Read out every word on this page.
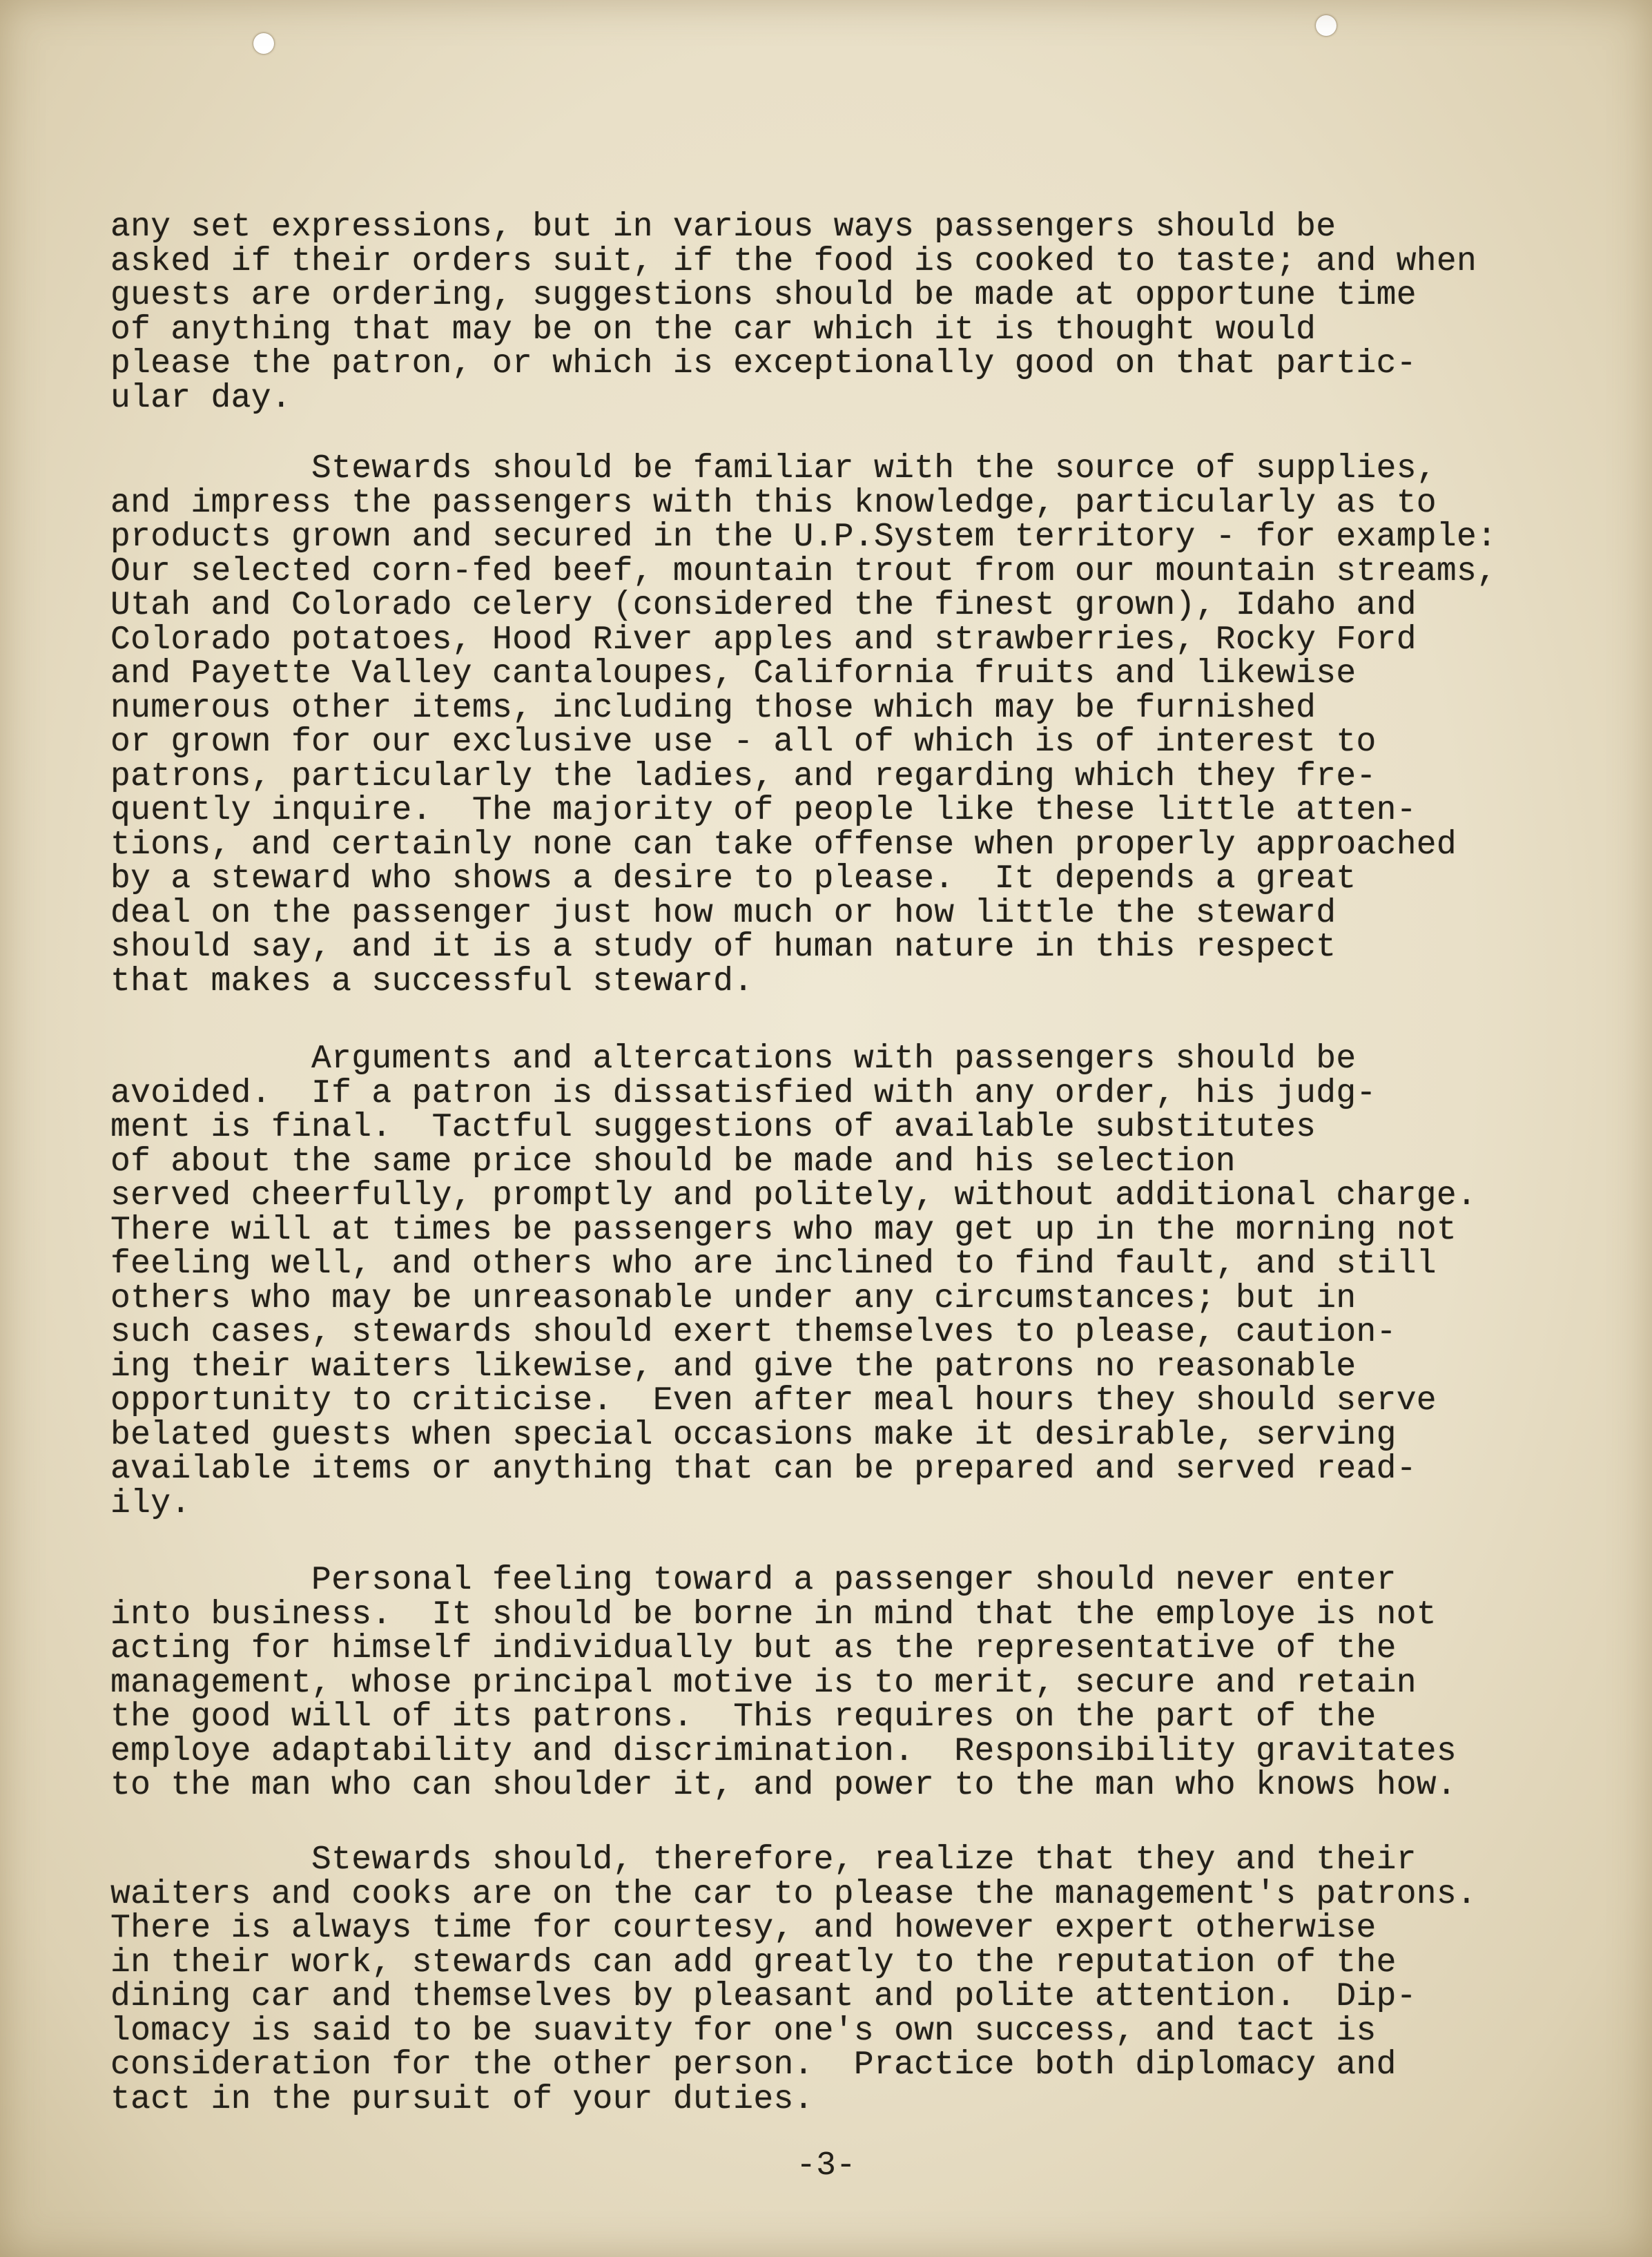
any set expressions, but in various ways passengers should be
asked if their orders suit, if the food is cooked to taste; and when
guests are ordering, suggestions should be made at opportune time
of anything that may be on the car which it is thought would
please the patron, or which is exceptionally good on that partic-
ular day.
Stewards should be familiar with the source of supplies,
and impress the passengers with this knowledge, particularly as to
products grown and secured in the U.P.System territory - for example:
Our selected corn-fed beef, mountain trout from our mountain streams,
Utah and Colorado celery (considered the finest grown), Idaho and
Colorado potatoes, Hood River apples and strawberries, Rocky Ford
and Payette Valley cantaloupes, California fruits and likewise
numerous other items, including those which may be furnished
or grown for our exclusive use - all of which is of interest to
patrons, particularly the ladies, and regarding which they fre-
quently inquire.  The majority of people like these little atten-
tions, and certainly none can take offense when properly approached
by a steward who shows a desire to please.  It depends a great
deal on the passenger just how much or how little the steward
should say, and it is a study of human nature in this respect
that makes a successful steward.
Arguments and altercations with passengers should be
avoided.  If a patron is dissatisfied with any order, his judg-
ment is final.  Tactful suggestions of available substitutes
of about the same price should be made and his selection
served cheerfully, promptly and politely, without additional charge.
There will at times be passengers who may get up in the morning not
feeling well, and others who are inclined to find fault, and still
others who may be unreasonable under any circumstances; but in
such cases, stewards should exert themselves to please, caution-
ing their waiters likewise, and give the patrons no reasonable
opportunity to criticise.  Even after meal hours they should serve
belated guests when special occasions make it desirable, serving
available items or anything that can be prepared and served read-
ily.
Personal feeling toward a passenger should never enter
into business.  It should be borne in mind that the employe is not
acting for himself individually but as the representative of the
management, whose principal motive is to merit, secure and retain
the good will of its patrons.  This requires on the part of the
employe adaptability and discrimination.  Responsibility gravitates
to the man who can shoulder it, and power to the man who knows how.
Stewards should, therefore, realize that they and their
waiters and cooks are on the car to please the management's patrons.
There is always time for courtesy, and however expert otherwise
in their work, stewards can add greatly to the reputation of the
dining car and themselves by pleasant and polite attention.  Dip-
lomacy is said to be suavity for one's own success, and tact is
consideration for the other person.  Practice both diplomacy and
tact in the pursuit of your duties.
-3-
